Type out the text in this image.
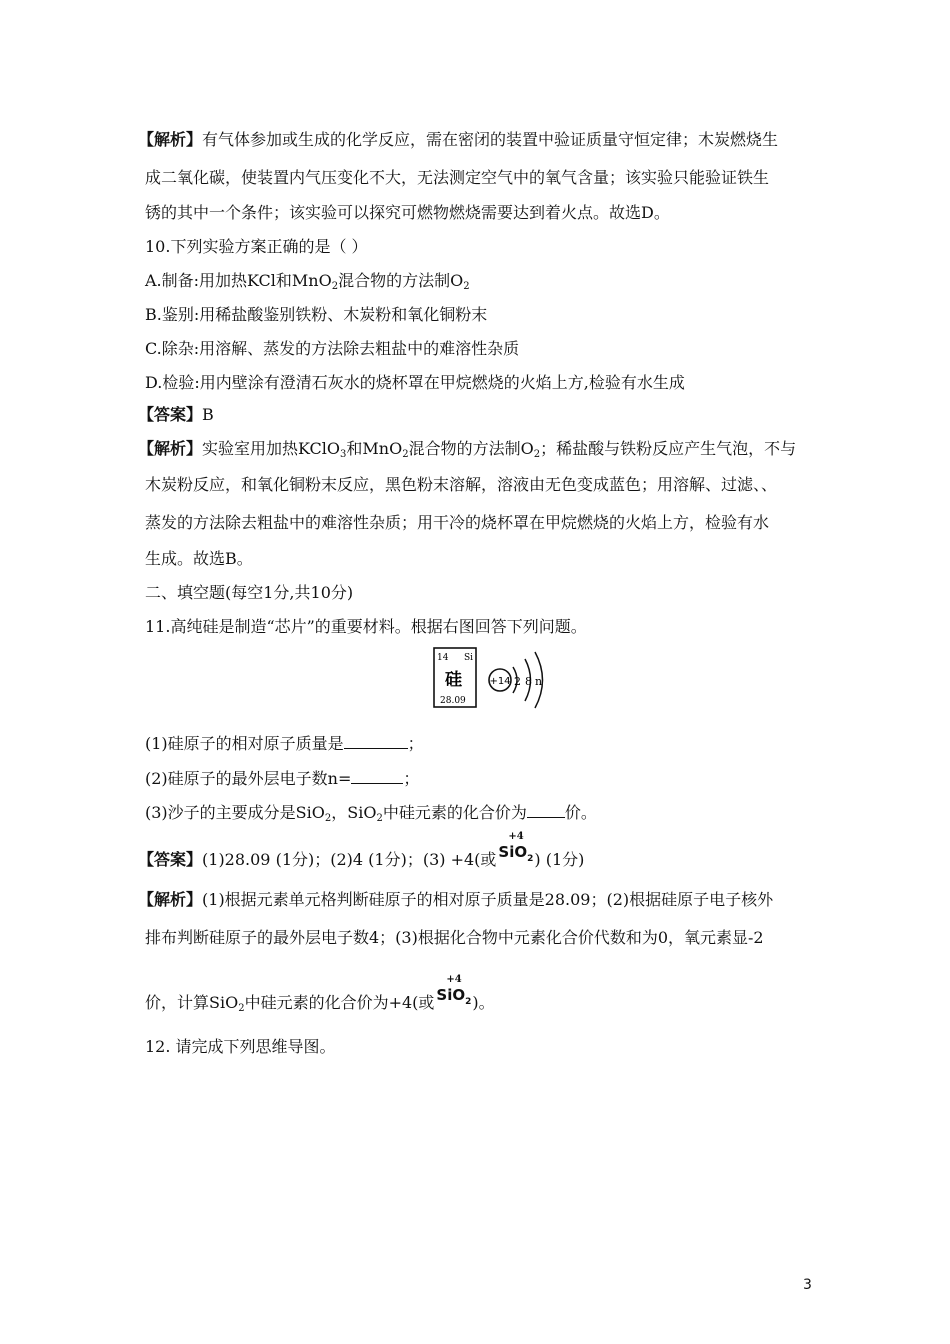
【解析】有气体参加或生成的化学反应，需在密闭的装置中验证质量守恒定律；木炭燃烧生
成二氧化碳，使装置内气压变化不大，无法测定空气中的氧气含量；该实验只能验证铁生
锈的其中一个条件；该实验可以探究可燃物燃烧需要达到着火点。故选D。
10.下列实验方案正确的是（ ）
A.制备:用加热KCl和MnO$_2$混合物的方法制$O_2$
B.鉴别:用稀盐酸鉴别铁粉、木炭粉和氧化铜粉末
C.除杂:用溶解、蒸发的方法除去粗盐中的难溶性杂质
D.检验:用内壁涂有澄清石灰水的烧杯罩在甲烷燃烧的火焰上方,检验有水生成
【答案】B
【解析】实验室用加热KClO$_3$和MnO$_2$混合物的方法制$O_2$；稀盐酸与铁粉反应产生气泡，不与
木炭粉反应，和氧化铜粉末反应，黑色粉末溶解，溶液由无色变成蓝色；用溶解、过滤、、
蒸发的方法除去粗盐中的难溶性杂质；用干冷的烧杯罩在甲烷燃烧的火焰上方，检验有水
生成。故选B。
二、填空题(每空1分,共10分)
11.高纯硅是制造“芯片”的重要材料。根据右图回答下列问题。
14 Si
硅
28.09
+14 2 8 n
(1)硅原子的相对原子质量是	；
(2)硅原子的最外层电子数n=	；
(3)沙子的主要成分是SiO$_2$，SiO$_2$中硅元素的化合价为 价。
【答案】(1)28.09 (1分)；(2)4 (1分)；(3) +4(或
+4
SiO$_2$ ) (1分)
【解析】(1)根据元素单元格判断硅原子的相对原子质量是28.09；(2)根据硅原子电子核外
排布判断硅原子的最外层电子数4；(3)根据化合物中元素化合价代数和为0，氧元素显-2
价，计算SiO$_2$中硅元素的化合价为+4(或
+4
SiO$_2$ )。
12. 请完成下列思维导图。
3
